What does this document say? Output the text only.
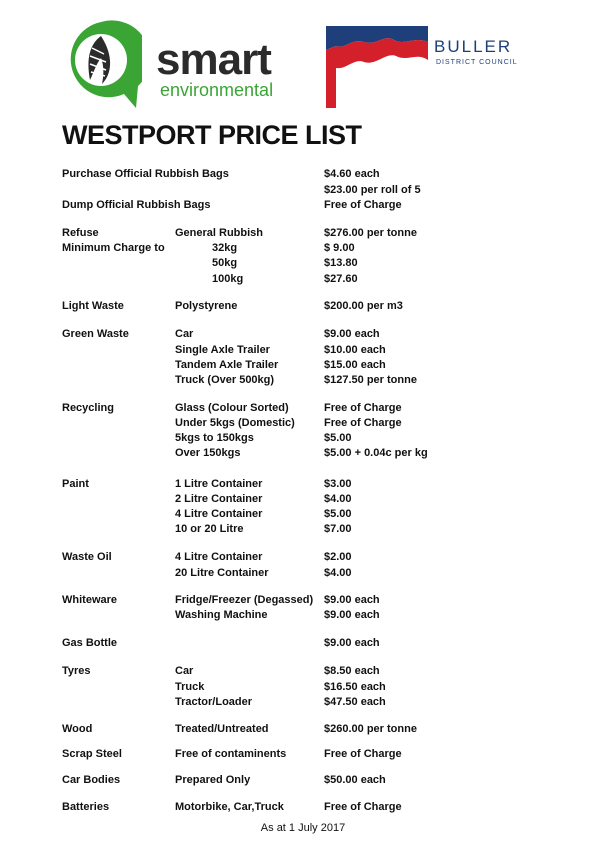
smart
environmental
BULLER
DISTRICT COUNCIL
WESTPORT PRICE LIST
Purchase Official Rubbish Bags	$4.60 each
$23.00 per roll of 5
Dump Official Rubbish Bags	Free of Charge
Refuse	General Rubbish	$276.00 per tonne
Minimum Charge to	32kg	$ 9.00
50kg	$13.80
100kg	$27.60
Light Waste	Polystyrene	$200.00 per m3
Green Waste	Car	$9.00 each
Single Axle Trailer	$10.00 each
Tandem Axle Trailer	$15.00 each
Truck (Over 500kg)	$127.50 per tonne
Recycling	Glass (Colour Sorted)	Free of Charge
Under 5kgs (Domestic)	Free of Charge
5kgs to 150kgs	$5.00
Over 150kgs	$5.00 + 0.04c per kg
Paint	1 Litre Container	$3.00
2 Litre Container	$4.00
4 Litre Container	$5.00
10 or 20 Litre	$7.00
Waste Oil	4 Litre Container	$2.00
20 Litre Container	$4.00
Whiteware	Fridge/Freezer (Degassed) $9.00 each
Washing Machine	$9.00 each
Gas Bottle	$9.00 each
Tyres	Car	$8.50 each
Truck	$16.50 each
Tractor/Loader	$47.50 each
Wood	Treated/Untreated	$260.00 per tonne
Scrap Steel	Free of contaminents	Free of Charge
Car Bodies	Prepared Only	$50.00 each
Batteries	Motorbike, Car,Truck	Free of Charge
As at 1 July 2017
